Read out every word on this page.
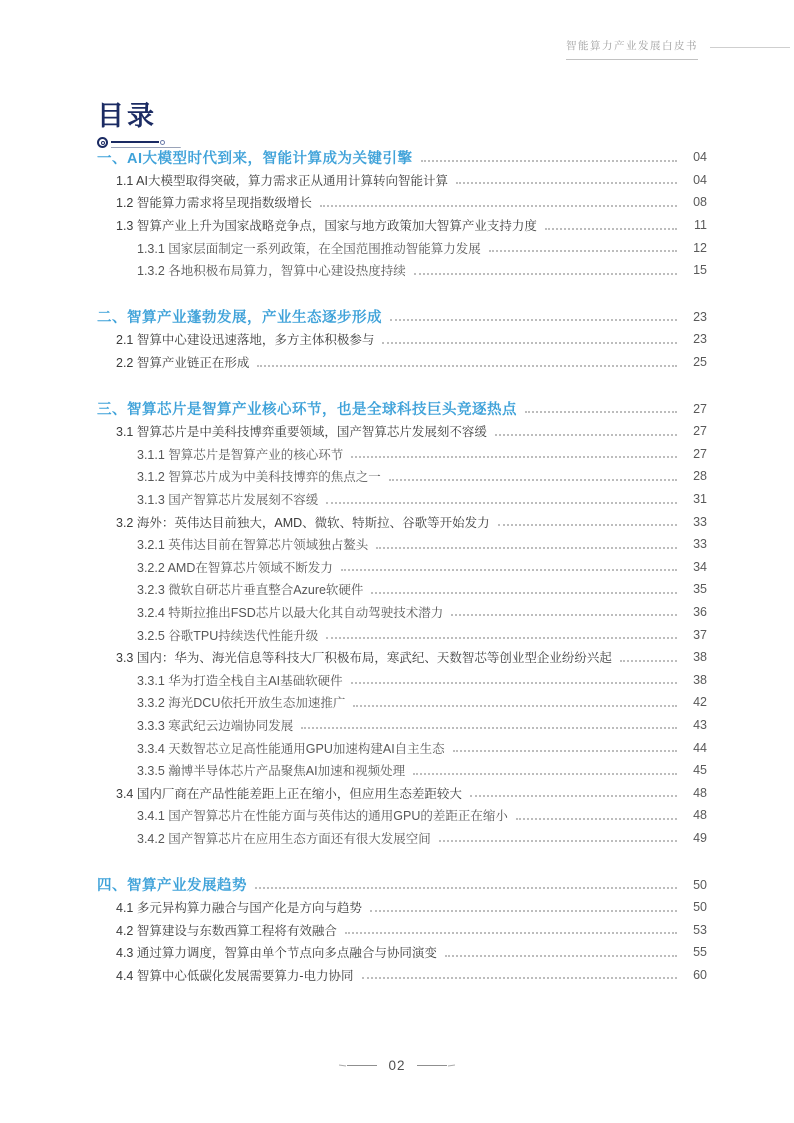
智能算力产业发展白皮书
目录
一、AI大模型时代到来，智能计算成为关键引擎	04
1.1 AI大模型取得突破，算力需求正从通用计算转向智能计算	04
1.2 智能算力需求将呈现指数级增长	08
1.3 智算产业上升为国家战略竞争点，国家与地方政策加大智算产业支持力度	11
1.3.1 国家层面制定一系列政策，在全国范围推动智能算力发展	12
1.3.2 各地积极布局算力，智算中心建设热度持续	15
二、智算产业蓬勃发展，产业生态逐步形成	23
2.1 智算中心建设迅速落地，多方主体积极参与	23
2.2 智算产业链正在形成	25
三、智算芯片是智算产业核心环节，也是全球科技巨头竞逐热点	27
3.1 智算芯片是中美科技博弈重要领域，国产智算芯片发展刻不容缓	27
3.1.1 智算芯片是智算产业的核心环节	27
3.1.2 智算芯片成为中美科技博弈的焦点之一	28
3.1.3 国产智算芯片发展刻不容缓	31
3.2 海外：英伟达目前独大，AMD、微软、特斯拉、谷歌等开始发力	33
3.2.1 英伟达目前在智算芯片领域独占鳌头	33
3.2.2 AMD在智算芯片领域不断发力	34
3.2.3 微软自研芯片垂直整合Azure软硬件	35
3.2.4 特斯拉推出FSD芯片以最大化其自动驾驶技术潜力	36
3.2.5 谷歌TPU持续迭代性能升级	37
3.3 国内：华为、海光信息等科技大厂积极布局，寒武纪、天数智芯等创业型企业纷纷兴起	38
3.3.1 华为打造全栈自主AI基础软硬件	38
3.3.2 海光DCU依托开放生态加速推广	42
3.3.3 寒武纪云边端协同发展	43
3.3.4 天数智芯立足高性能通用GPU加速构建AI自主生态	44
3.3.5 瀚博半导体芯片产品聚焦AI加速和视频处理	45
3.4 国内厂商在产品性能差距上正在缩小，但应用生态差距较大	48
3.4.1 国产智算芯片在性能方面与英伟达的通用GPU的差距正在缩小	48
3.4.2 国产智算芯片在应用生态方面还有很大发展空间	49
四、智算产业发展趋势	50
4.1 多元异构算力融合与国产化是方向与趋势	50
4.2 智算建设与东数西算工程将有效融合	53
4.3 通过算力调度，智算由单个节点向多点融合与协同演变	55
4.4 智算中心低碳化发展需要算力-电力协同	60
02
